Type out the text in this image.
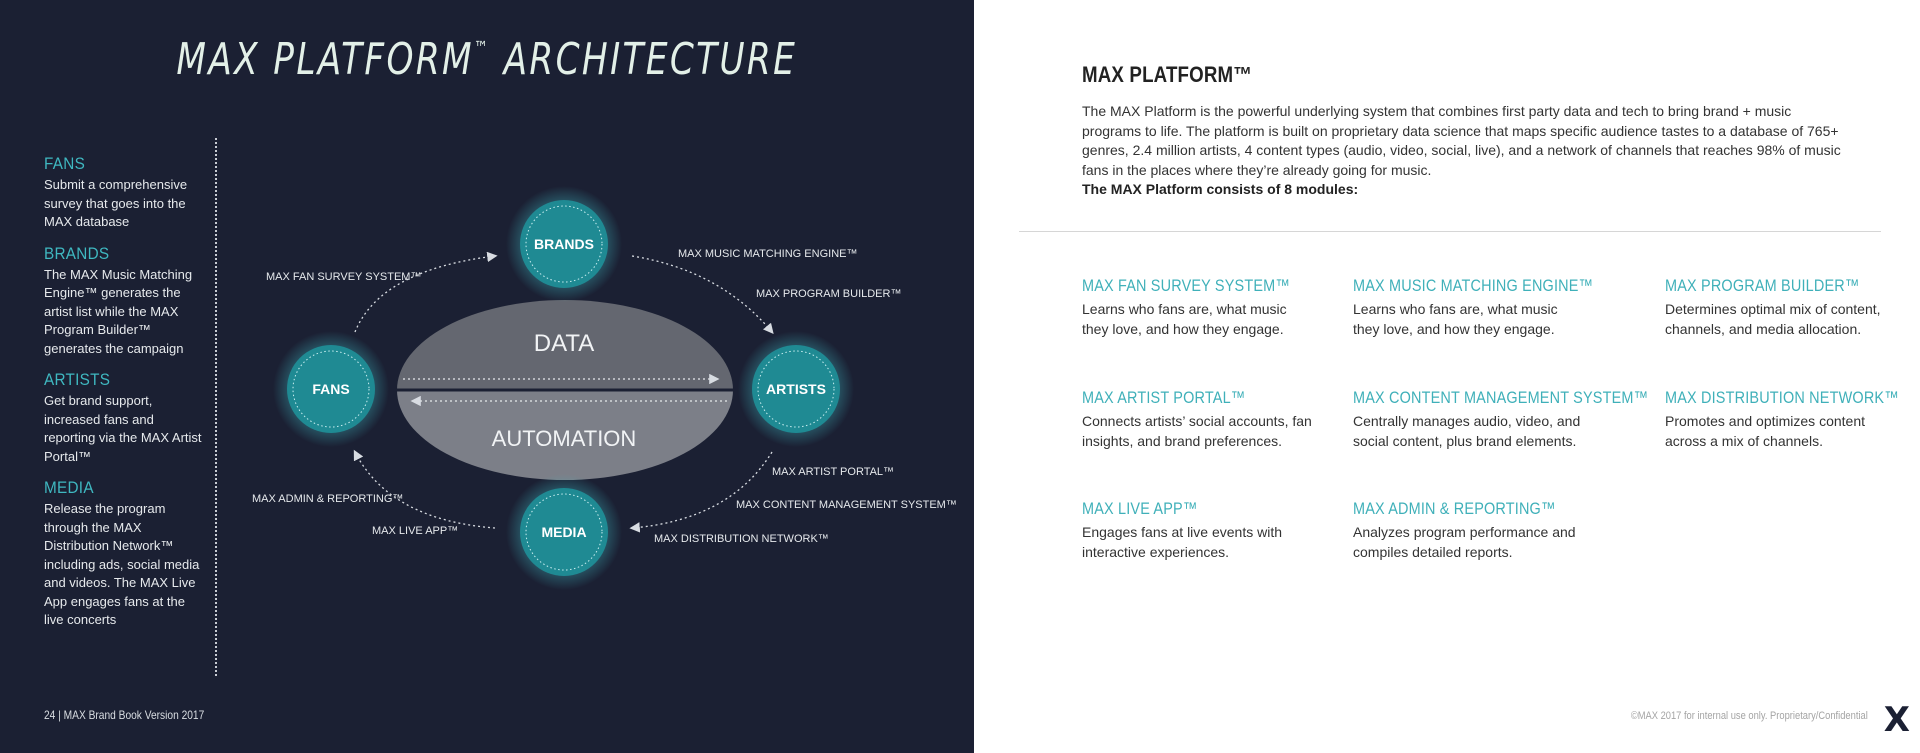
MAX PLATFORM™ ARCHITECTURE
FANS
Submit a comprehensive survey that goes into the MAX database
BRANDS
The MAX Music Matching Engine™ generates the artist list while the MAX Program Builder™ generates the campaign
ARTISTS
Get brand support, increased fans and reporting via the MAX Artist Portal™
MEDIA
Release the program through the MAX Distribution Network™ including ads, social media and videos. The MAX Live App engages fans at the live concerts
DATA
AUTOMATION
BRANDS
FANS	ARTISTS
MEDIA
MAX FAN SURVEY SYSTEM™
MAX MUSIC MATCHING ENGINE™
MAX PROGRAM BUILDER™
MAX ARTIST PORTAL™
MAX CONTENT MANAGEMENT SYSTEM™
MAX DISTRIBUTION NETWORK™
MAX ADMIN & REPORTING™
MAX LIVE APP™
24 | MAX Brand Book Version 2017
MAX PLATFORM™

The MAX Platform is the powerful underlying system that combines first party data and tech to bring brand + music programs to life. The platform is built on proprietary data science that maps specific audience tastes to a database of 765+ genres, 2.4 million artists, 4 content types (audio, video, social, live), and a network of channels that reaches 98% of music fans in the places where they’re already going for music.

The MAX Platform consists of 8 modules:

MAX FAN SURVEY SYSTEM™
Learns who fans are, what music they love, and how they engage.
MAX MUSIC MATCHING ENGINE™
Learns who fans are, what music they love, and how they engage.
MAX PROGRAM BUILDER™
Determines optimal mix of content, channels, and media allocation.
MAX ARTIST PORTAL™
Connects artists’ social accounts, fan insights, and brand preferences.
MAX CONTENT MANAGEMENT SYSTEM™
Centrally manages audio, video, and social content, plus brand elements.
MAX DISTRIBUTION NETWORK™
Promotes and optimizes content across a mix of channels.
MAX LIVE APP™
Engages fans at live events with interactive experiences.
MAX ADMIN & REPORTING™
Analyzes program performance and compiles detailed reports.
©MAX 2017 for internal use only. Proprietary/Confidential X
